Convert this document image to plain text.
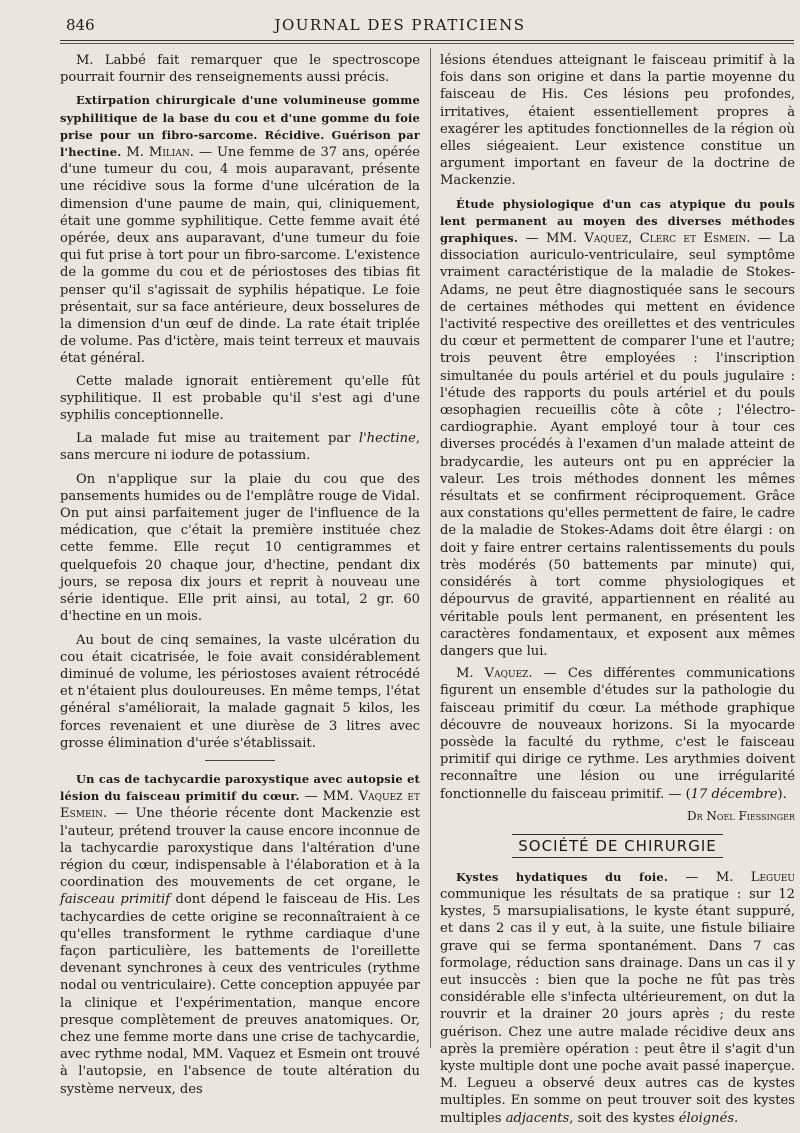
846	JOURNAL DES PRATICIENS

M. Labbé fait remarquer que le spectroscope pourrait fournir des renseignements aussi précis.

Extirpation chirurgicale d'une volumineuse gomme syphilitique de la base du cou et d'une gomme du foie prise pour un fibro-sarcome. Récidive. Guérison par l'hectine. M. Milian. — Une femme de 37 ans, opérée d'une tumeur du cou, 4 mois auparavant, présente une récidive sous la forme d'une ulcération de la dimension d'une paume de main, qui, cliniquement, était une gomme syphilitique. Cette femme avait été opérée, deux ans auparavant, d'une tumeur du foie qui fut prise à tort pour un fibro-sarcome. L'existence de la gomme du cou et de périostoses des tibias fit penser qu'il s'agissait de syphilis hépatique. Le foie présentait, sur sa face antérieure, deux bosselures de la dimension d'un œuf de dinde. La rate était triplée de volume. Pas d'ictère, mais teint terreux et mauvais état général.

Cette malade ignorait entièrement qu'elle fût syphilitique. Il est probable qu'il s'est agi d'une syphilis conceptionnelle.

La malade fut mise au traitement par l'hectine, sans mercure ni iodure de potassium.

On n'applique sur la plaie du cou que des pansements humides ou de l'emplâtre rouge de Vidal. On put ainsi parfaitement juger de l'influence de la médication, que c'était la première instituée chez cette femme. Elle reçut 10 centigrammes et quelquefois 20 chaque jour, d'hectine, pendant dix jours, se reposa dix jours et reprit à nouveau une série identique. Elle prit ainsi, au total, 2 gr. 60 d'hectine en un mois.

Au bout de cinq semaines, la vaste ulcération du cou était cicatrisée, le foie avait considérablement diminué de volume, les périostoses avaient rétrocédé et n'étaient plus douloureuses. En même temps, l'état général s'améliorait, la malade gagnait 5 kilos, les forces revenaient et une diurèse de 3 litres avec grosse élimination d'urée s'établissait.

Un cas de tachycardie paroxystique avec autopsie et lésion du faisceau primitif du cœur. — MM. Vaquez et Esmein. — Une théorie récente dont Mackenzie est l'auteur, prétend trouver la cause encore inconnue de la tachycardie paroxystique dans l'altération d'une région du cœur, indispensable à l'élaboration et à la coordination des mouvements de cet organe, le faisceau primitif dont dépend le faisceau de His. Les tachycardies de cette origine se reconnaîtraient à ce qu'elles transforment le rythme cardiaque d'une façon particulière, les battements de l'oreillette devenant synchrones à ceux des ventricules (rythme nodal ou ventriculaire). Cette conception appuyée par la clinique et l'expérimentation, manque encore presque complètement de preuves anatomiques. Or, chez une femme morte dans une crise de tachycardie, avec rythme nodal, MM. Vaquez et Esmein ont trouvé à l'autopsie, en l'absence de toute altération du système nerveux, des

lésions étendues atteignant le faisceau primitif à la fois dans son origine et dans la partie moyenne du faisceau de His. Ces lésions peu profondes, irritatives, étaient essentiellement propres à exagérer les aptitudes fonctionnelles de la région où elles siégeaient. Leur existence constitue un argument important en faveur de la doctrine de Mackenzie.

Étude physiologique d'un cas atypique du pouls lent permanent au moyen des diverses méthodes graphiques. — MM. Vaquez, Clerc et Esmein. — La dissociation auriculo-ventriculaire, seul symptôme vraiment caractéristique de la maladie de Stokes-Adams, ne peut être diagnostiquée sans le secours de certaines méthodes qui mettent en évidence l'activité respective des oreillettes et des ventricules du cœur et permettent de comparer l'une et l'autre; trois peuvent être employées : l'inscription simultanée du pouls artériel et du pouls jugulaire : l'étude des rapports du pouls artériel et du pouls œsophagien recueillis côte à côte ; l'électro-cardiographie. Ayant employé tour à tour ces diverses procédés à l'examen d'un malade atteint de bradycardie, les auteurs ont pu en apprécier la valeur. Les trois méthodes donnent les mêmes résultats et se confirment réciproquement. Grâce aux constations qu'elles permettent de faire, le cadre de la maladie de Stokes-Adams doit être élargi : on doit y faire entrer certains ralentissements du pouls très modérés (50 battements par minute) qui, considérés à tort comme physiologiques et dépourvus de gravité, appartiennent en réalité au véritable pouls lent permanent, en présentent les caractères fondamentaux, et exposent aux mêmes dangers que lui.

M. Vaquez. — Ces différentes communications figurent un ensemble d'études sur la pathologie du faisceau primitif du cœur. La méthode graphique découvre de nouveaux horizons. Si la myocarde possède la faculté du rythme, c'est le faisceau primitif qui dirige ce rythme. Les arythmies doivent reconnaître une lésion ou une irrégularité fonctionnelle du faisceau primitif. — (17 décembre).

Dr Noel Fiessinger
SOCIÉTÉ DE CHIRURGIE

Kystes hydatiques du foie. — M. Legueu communique les résultats de sa pratique : sur 12 kystes, 5 marsupialisations, le kyste étant suppuré, et dans 2 cas il y eut, à la suite, une fistule biliaire grave qui se ferma spontanément. Dans 7 cas formolage, réduction sans drainage. Dans un cas il y eut insuccès : bien que la poche ne fût pas très considérable elle s'infecta ultérieurement, on dut la rouvrir et la drainer 20 jours après ; du reste guérison. Chez une autre malade récidive deux ans après la première opération : peut être il s'agit d'un kyste multiple dont une poche avait passé inaperçue. M. Legueu a observé deux autres cas de kystes multiples. En somme on peut trouver soit des kystes multiples adjacents, soit des kystes éloignés.
